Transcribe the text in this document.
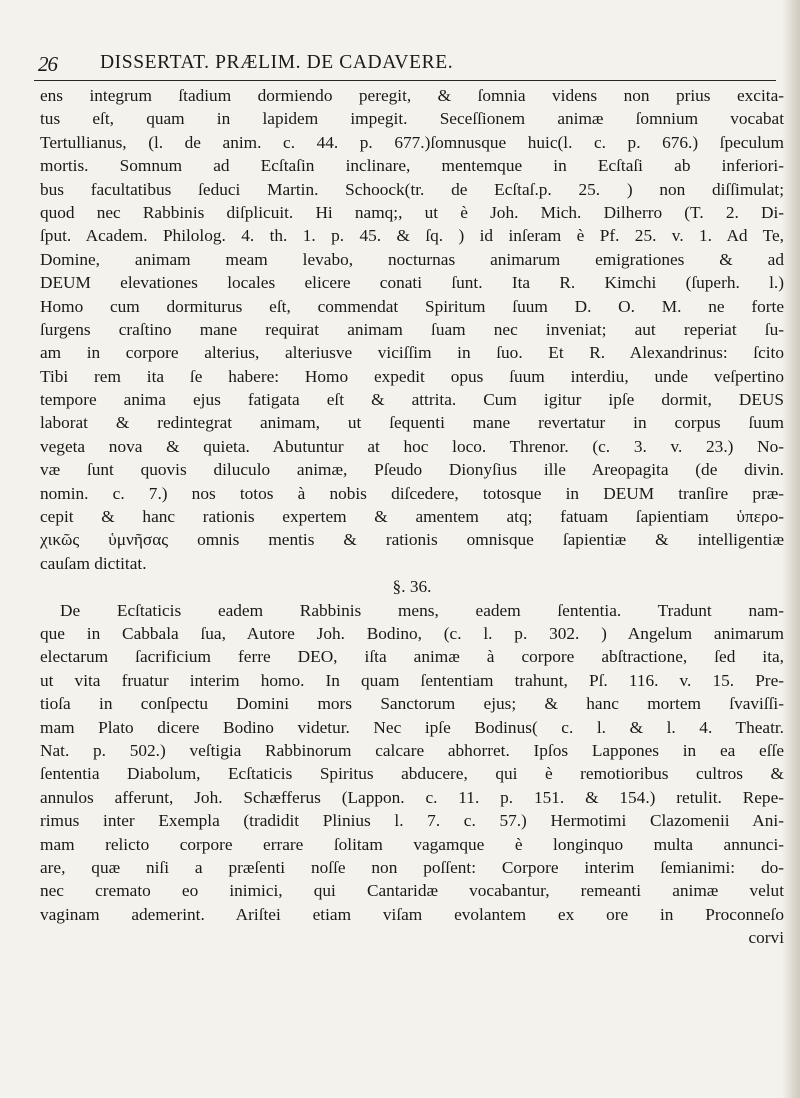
26 DISSERTAT. PRÆLIM. DE CADAVERE.
ens integrum ſtadium dormiendo peregit, & ſomnia videns non prius excita-
tus eſt, quam in lapidem impegit. Seceſſionem animæ ſomnium vocabat
Tertullianus, (l. de anim. c. 44. p. 677.)ſomnusque huic(l. c. p. 676.) ſpeculum
mortis. Somnum ad Ecſtaſin inclinare, mentemque in Ecſtaſi ab inferiori-
bus facultatibus ſeduci Martin. Schoock(tr. de Ecſtaſ.p. 25. ) non diſſimulat;
quod nec Rabbinis diſplicuit. Hi namq;, ut è Joh. Mich. Dilherro (T. 2. Di-
ſput. Academ. Philolog. 4. th. 1. p. 45. & ſq. ) id inſeram è Pf. 25. v. 1. Ad Te,
Domine, animam meam levabo, nocturnas animarum emigrationes & ad
DEUM elevationes locales elicere conati ſunt. Ita R. Kimchi (ſuperh. l.)
Homo cum dormiturus eſt, commendat Spiritum ſuum D. O. M. ne forte
ſurgens craſtino mane requirat animam ſuam nec inveniat; aut reperiat ſu-
am in corpore alterius, alteriusve viciſſim in ſuo. Et R. Alexandrinus: ſcito
Tibi rem ita ſe habere: Homo expedit opus ſuum interdiu, unde veſpertino
tempore anima ejus fatigata eſt & attrita. Cum igitur ipſe dormit, DEUS
laborat & redintegrat animam, ut ſequenti mane revertatur in corpus ſuum
vegeta nova & quieta. Abutuntur at hoc loco. Threnor. (c. 3. v. 23.) No-
væ ſunt quovis diluculo animæ, Pſeudo Dionyſius ille Areopagita (de divin.
nomin. c. 7.) nos totos à nobis diſcedere, totosque in DEUM tranſire præ-
cepit & hanc rationis expertem & amentem atq; fatuam ſapientiam ὑπερο-
χικῶς ὑμνῆσας omnis mentis & rationis omnisque ſapientiæ & intelligentiæ
cauſam dictitat.
§. 36.
De Ecſtaticis eadem Rabbinis mens, eadem ſententia. Tradunt nam-
que in Cabbala ſua, Autore Joh. Bodino, (c. l. p. 302. ) Angelum animarum
electarum ſacrificium ferre DEO, iſta animæ à corpore abſtractione, ſed ita,
ut vita fruatur interim homo. In quam ſententiam trahunt, Pſ. 116. v. 15. Pre-
tioſa in conſpectu Domini mors Sanctorum ejus; & hanc mortem ſvaviſſi-
mam Plato dicere Bodino videtur. Nec ipſe Bodinus( c. l. & l. 4. Theatr.
Nat. p. 502.) veſtigia Rabbinorum calcare abhorret. Ipſos Lappones in ea eſſe
ſententia Diabolum, Ecſtaticis Spiritus abducere, qui è remotioribus cultros &
annulos afferunt, Joh. Schæfferus (Lappon. c. 11. p. 151. & 154.) retulit. Repe-
rimus inter Exempla (tradidit Plinius l. 7. c. 57.) Hermotimi Clazomenii Ani-
mam relicto corpore errare ſolitam vagamque è longinquo multa annunci-
are, quæ niſi a præſenti noſſe non poſſent: Corpore interim ſemianimi: do-
nec cremato eo inimici, qui Cantaridæ vocabantur, remeanti animæ velut
vaginam ademerint. Ariſtei etiam viſam evolantem ex ore in Proconneſo
corvi
